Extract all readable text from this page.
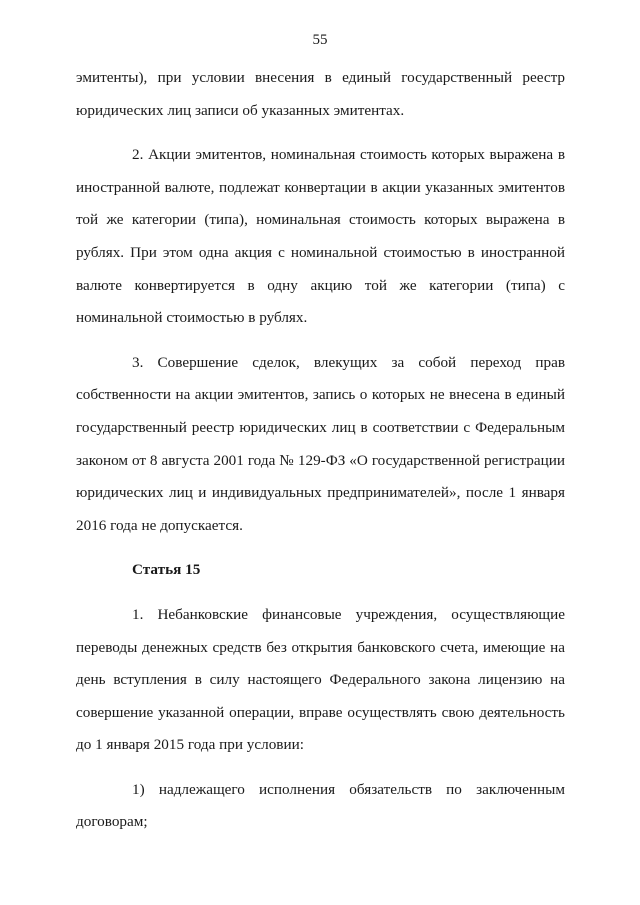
55

эмитенты), при условии внесения в единый государственный реестр юридических лиц записи об указанных эмитентах.

2. Акции эмитентов, номинальная стоимость которых выражена в иностранной валюте, подлежат конвертации в акции указанных эмитентов той же категории (типа), номинальная стоимость которых выражена в рублях. При этом одна акция с номинальной стоимостью в иностранной валюте конвертируется в одну акцию той же категории (типа) с номинальной стоимостью в рублях.

3. Совершение сделок, влекущих за собой переход прав собственности на акции эмитентов, запись о которых не внесена в единый государственный реестр юридических лиц в соответствии с Федеральным законом от 8 августа 2001 года № 129-ФЗ «О государственной регистрации юридических лиц и индивидуальных предпринимателей», после 1 января 2016 года не допускается.

Статья 15

1. Небанковские финансовые учреждения, осуществляющие переводы денежных средств без открытия банковского счета, имеющие на день вступления в силу настоящего Федерального закона лицензию на совершение указанной операции, вправе осуществлять свою деятельность до 1 января 2015 года при условии:

1) надлежащего исполнения обязательств по заключенным договорам;
